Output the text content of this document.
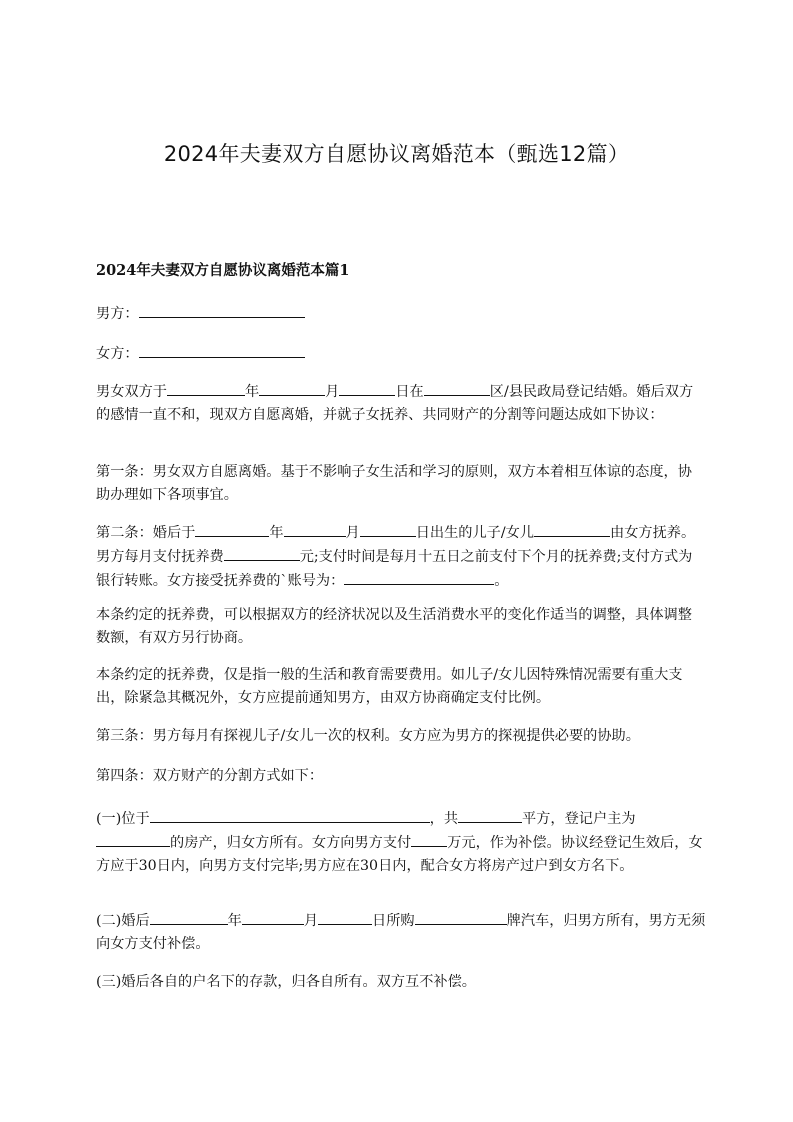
2024年夫妻双方自愿协议离婚范本（甄选12篇）
2024年夫妻双方自愿协议离婚范本篇1
男方：
女方：
男女双方于	年	月	日在	区/县民政局登记结婚。婚后双方的感情一直不和，现双方自愿离婚，并就子女抚养、共同财产的分割等问题达成如下协议：
第一条：男女双方自愿离婚。基于不影响子女生活和学习的原则，双方本着相互体谅的态度，协助办理如下各项事宜。
第二条：婚后于	年	月	日出生的儿子/女儿	由女方抚养。男方每月支付抚养费	元;支付时间是每月十五日之前支付下个月的抚养费;支付方式为银行转账。女方接受抚养费的`账号为：	。
本条约定的抚养费，可以根据双方的经济状况以及生活消费水平的变化作适当的调整，具体调整数额，有双方另行协商。
本条约定的抚养费，仅是指一般的生活和教育需要费用。如儿子/女儿因特殊情况需要有重大支出，除紧急其概况外，女方应提前通知男方，由双方协商确定支付比例。
第三条：男方每月有探视儿子/女儿一次的权利。女方应为男方的探视提供必要的协助。
第四条：双方财产的分割方式如下：
(一)位于	，共	平方，登记户主为的房产，归女方所有。女方向男方支付	万元，作为补偿。协议经登记生效后，女方应于30日内，向男方支付完毕;男方应在30日内，配合女方将房产过户到女方名下。
(二)婚后	年	月	日所购	牌汽车，归男方所有，男方无须向女方支付补偿。
(三)婚后各自的户名下的存款，归各自所有。双方互不补偿。
